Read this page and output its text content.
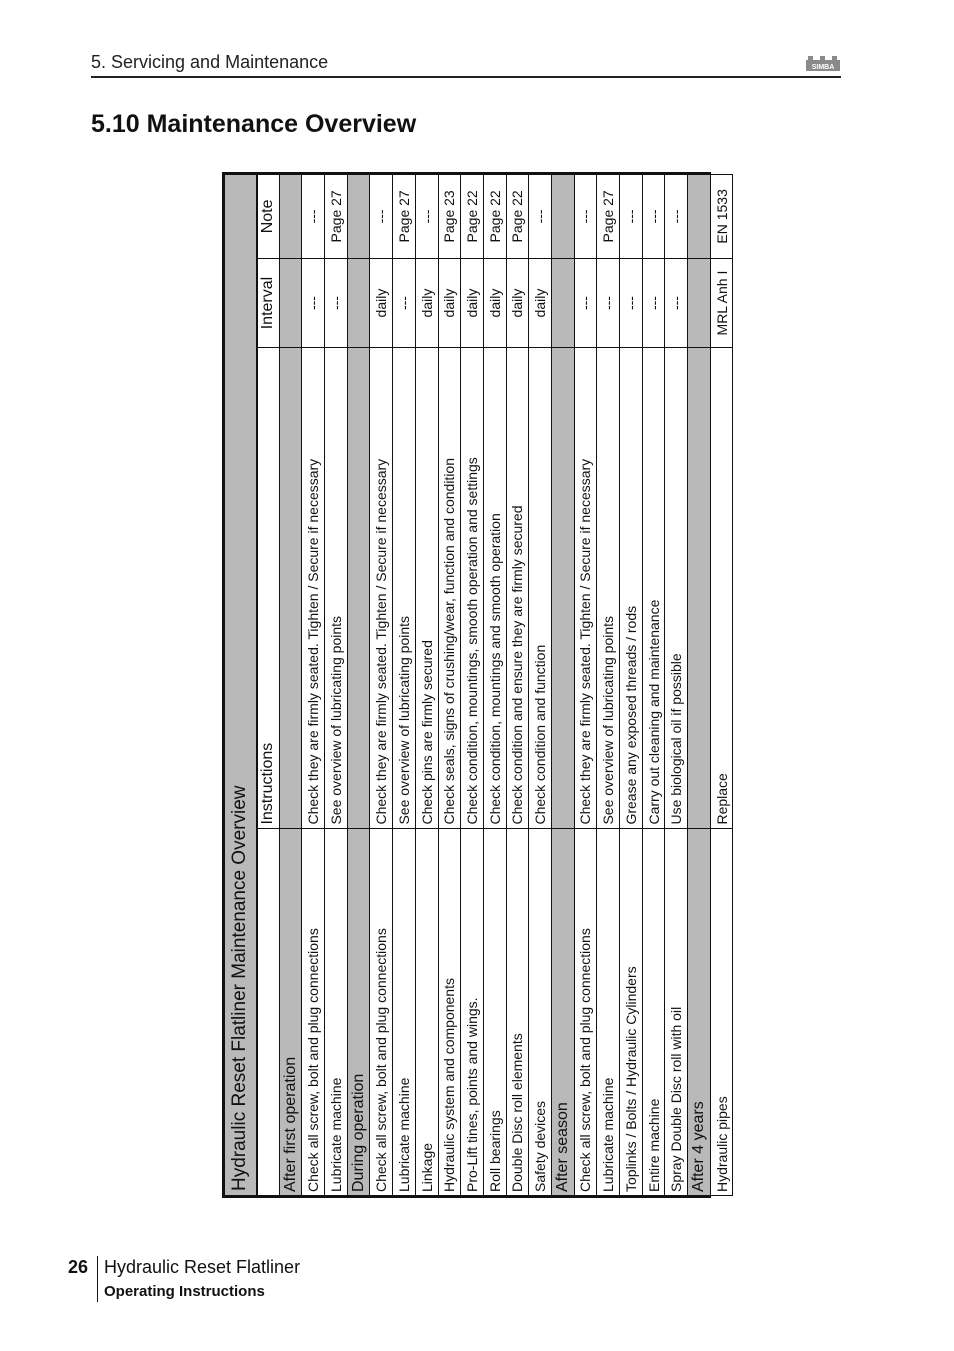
5. Servicing and Maintenance	SIMBA
5.10 Maintenance Overview
Hydraulic Reset Flatliner Maintenance Overview			
	Instructions	Interval	Note
After first operation			
Check all screw, bolt and plug connections	Check they are firmly seated. Tighten / Secure if necessary	---	---
Lubricate machine	See overview of lubricating points	---	Page 27
During operation			
Check all screw, bolt and plug connections	Check they are firmly seated. Tighten / Secure if necessary	daily	---
Lubricate machine	See overview of lubricating points	---	Page 27
Linkage	Check pins are firmly secured	daily	---
Hydraulic system and components	Check seals, signs of crushing/wear, function and condition	daily	Page 23
Pro-Lift tines, points and wings.	Check condition, mountings, smooth operation and settings	daily	Page 22
Roll bearings	Check condition, mountings and smooth operation	daily	Page 22
Double Disc roll elements	Check condition and ensure they are firmly secured	daily	Page 22
Safety devices	Check condition and function	daily	---
After season			
Check all screw, bolt and plug connections	Check they are firmly seated. Tighten / Secure if necessary	---	---
Lubricate machine	See overview of lubricating points	---	Page 27
Toplinks / Bolts / Hydraulic Cylinders	Grease any exposed threads / rods	---	---
Entire machine	Carry out cleaning and maintenance	---	---
Spray Double Disc roll with oil	Use biological oil if possible	---	---
After 4 years			
Hydraulic pipes	Replace	MRL Anh I	EN 1533
26 Hydraulic Reset Flatliner
Operating Instructions
